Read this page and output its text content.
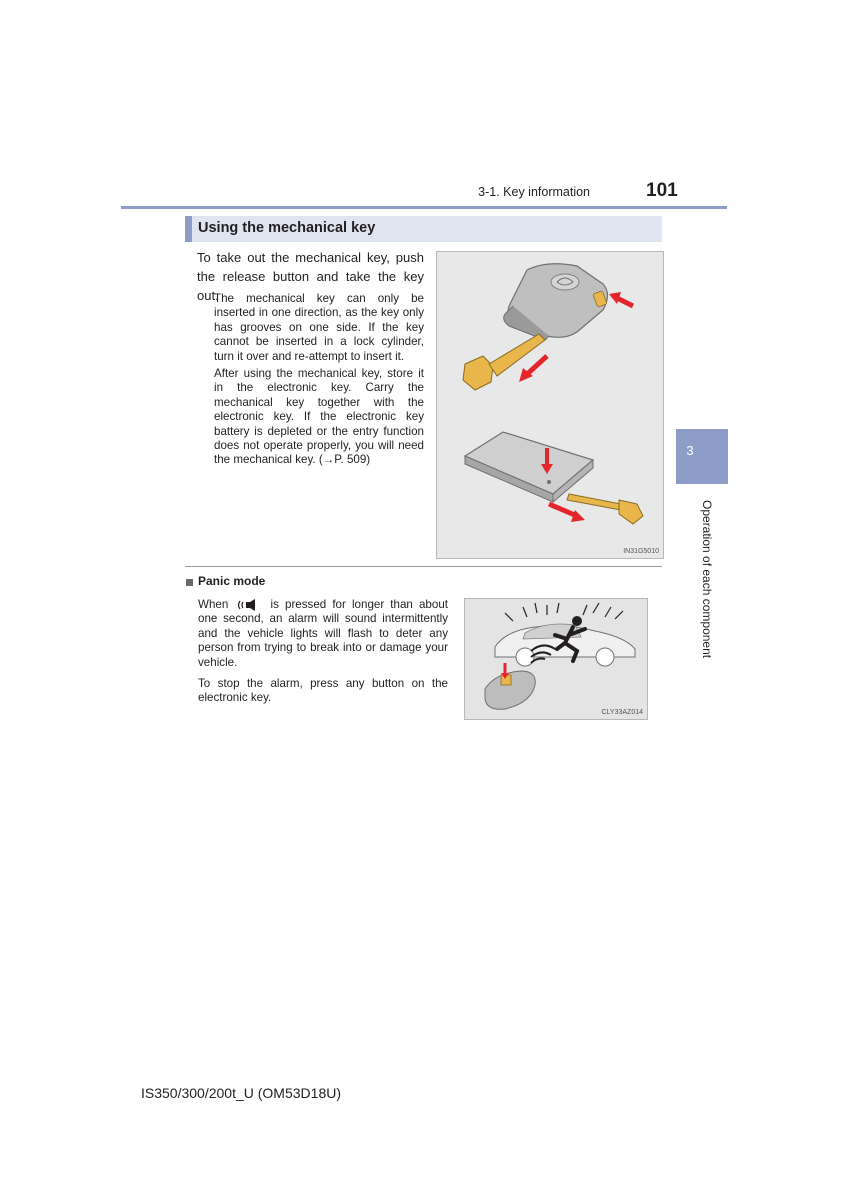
3-1. Key information	101
Using the mechanical key
To take out the mechanical key, push the release button and take the key out.
The mechanical key can only be inserted in one direction, as the key only has grooves on one side. If the key cannot be inserted in a lock cylinder, turn it over and re-attempt to insert it.
After using the mechanical key, store it in the electronic key. Carry the mechanical key together with the electronic key. If the electronic key battery is depleted or the entry function does not operate properly, you will need the mechanical key. (→P. 509)
IN31G5010
Panic mode
When	is pressed for longer than about one second, an alarm will sound intermittently and the vehicle lights will flash to deter any person from trying to break into or damage your vehicle.
To stop the alarm, press any button on the electronic key.
CLY33AZ014
3
Operation of each component
IS350/300/200t_U (OM53D18U)
